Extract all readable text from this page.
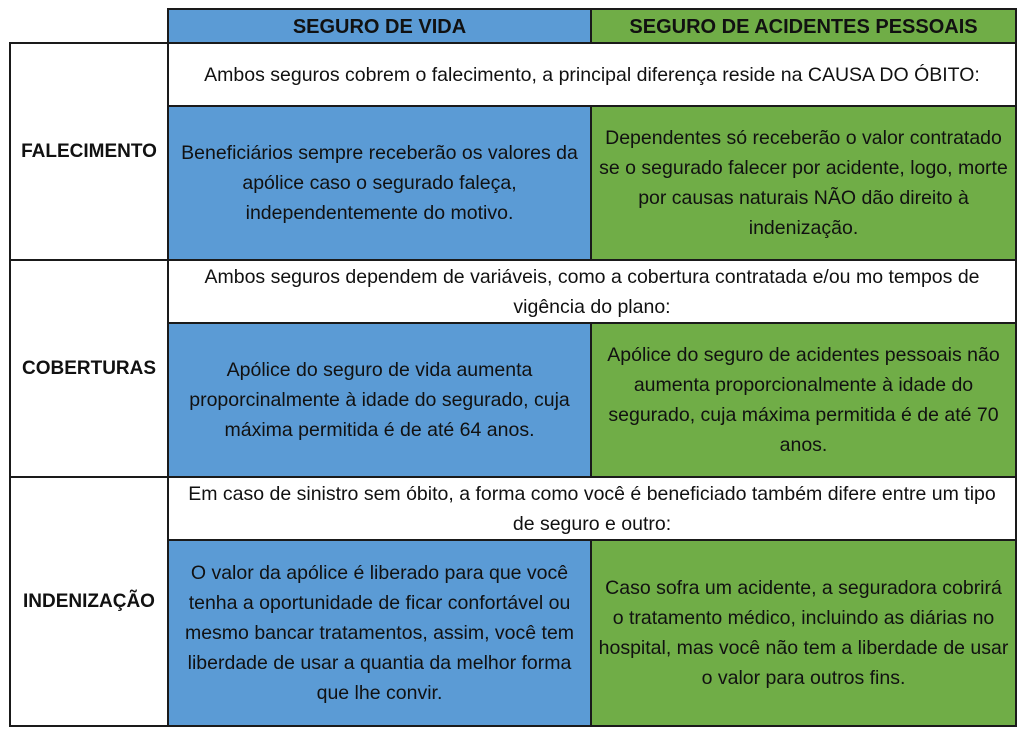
	SEGURO DE VIDA	SEGURO DE ACIDENTES PESSOAIS
FALECIMENTO	Ambos seguros cobrem o falecimento, a principal diferença reside na CAUSA DO ÓBITO:	
	Beneficiários sempre receberão os valores da apólice caso o segurado faleça, independentemente do motivo.	Dependentes só receberão o valor contratado se o segurado falecer por acidente, logo, morte por causas naturais NÃO dão direito à indenização.
COBERTURAS	Ambos seguros dependem de variáveis, como a cobertura contratada e/ou mo tempos de vigência do plano:	
	Apólice do seguro de vida aumenta proporcinalmente à idade do segurado, cuja máxima permitida é de até 64 anos.	Apólice do seguro de acidentes pessoais não aumenta proporcionalmente à idade do segurado, cuja máxima permitida é de até 70 anos.
INDENIZAÇÃO	Em caso de sinistro sem óbito, a forma como você é beneficiado também difere entre um tipo de seguro e outro:	
	O valor da apólice é liberado para que você tenha a oportunidade de ficar confortável ou mesmo bancar tratamentos, assim, você tem liberdade de usar a quantia da melhor forma que lhe convir.	Caso sofra um acidente, a seguradora cobrirá o tratamento médico, incluindo as diárias no hospital, mas você não tem a liberdade de usar o valor para outros fins.
